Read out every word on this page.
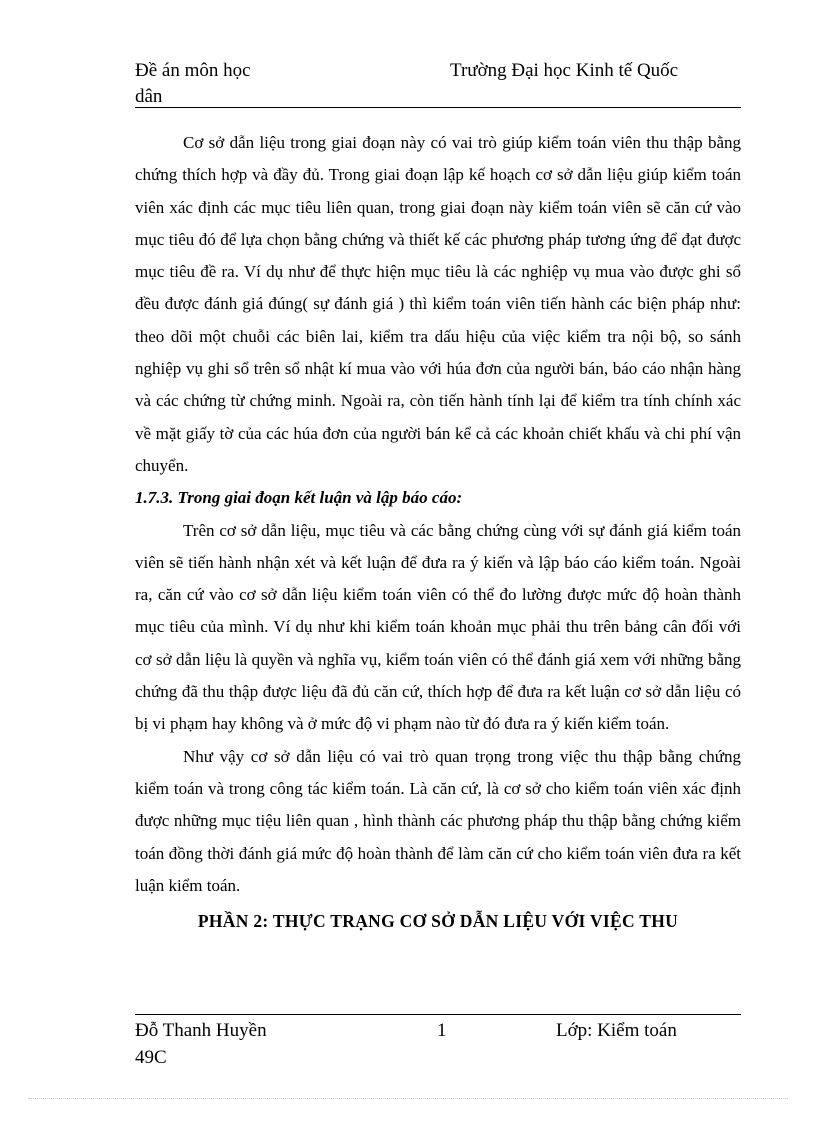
Đề án môn học
dân
Trường Đại học Kinh tế Quốc

Cơ sở dẫn liệu trong giai đoạn này có vai trò giúp kiểm toán viên thu thập bằng chứng thích hợp và đầy đủ. Trong giai đoạn lập kế hoạch cơ sở dẫn liệu giúp kiểm toán viên xác định các mục tiêu liên quan, trong giai đoạn này kiểm toán viên sẽ căn cứ vào mục tiêu đó để lựa chọn bằng chứng và thiết kế các phương pháp tương ứng để đạt được mục tiêu đề ra. Ví dụ như để thực hiện mục tiêu là các nghiệp vụ mua vào được ghi sổ đều được đánh giá đúng( sự đánh giá ) thì kiểm toán viên tiến hành các biện pháp như: theo dõi một chuỗi các biên lai, kiểm tra dấu hiệu của việc kiểm tra nội bộ, so sánh nghiệp vụ ghi sổ trên sổ nhật kí mua vào với húa đơn của người bán, báo cáo nhận hàng và các chứng từ chứng minh. Ngoài ra, còn tiến hành tính lại để kiểm tra tính chính xác về mặt giấy tờ của các húa đơn của người bán kể cả các khoản chiết khấu và chi phí vận chuyển.

1.7.3. Trong giai đoạn kết luận và lập báo cáo:

Trên cơ sở dẫn liệu, mục tiêu và các bằng chứng cùng với sự đánh giá kiểm toán viên sẽ tiến hành nhận xét và kết luận để đưa ra ý kiến và lập báo cáo kiểm toán. Ngoài ra, căn cứ vào cơ sở dẫn liệu kiểm toán viên có thể đo lường được mức độ hoàn thành mục tiêu của mình. Ví dụ như khi kiểm toán khoản mục phải thu trên bảng cân đối với cơ sở dẫn liệu là quyền và nghĩa vụ, kiểm toán viên có thể đánh giá xem với những bằng chứng đã thu thập được liệu đã đủ căn cứ, thích hợp để đưa ra kết luận cơ sở dẫn liệu có bị vi phạm hay không và ở mức độ vi phạm nào từ đó đưa ra ý kiến kiểm toán.

Như vậy cơ sở dẫn liệu có vai trò quan trọng trong việc thu thập bằng chứng kiểm toán và trong công tác kiểm toán. Là căn cứ, là cơ sở cho kiểm toán viên xác định được những mục tiệu liên quan , hình thành các phương pháp thu thập bằng chứng kiểm toán đồng thời đánh giá mức độ hoàn thành để làm căn cứ cho kiểm toán viên đưa ra kết luận kiểm toán.

PHẦN 2: THỰC TRẠNG CƠ SỞ DẪN LIỆU VỚI VIỆC THU

Đỗ Thanh Huyền
49C
1	Lớp: Kiểm toán
